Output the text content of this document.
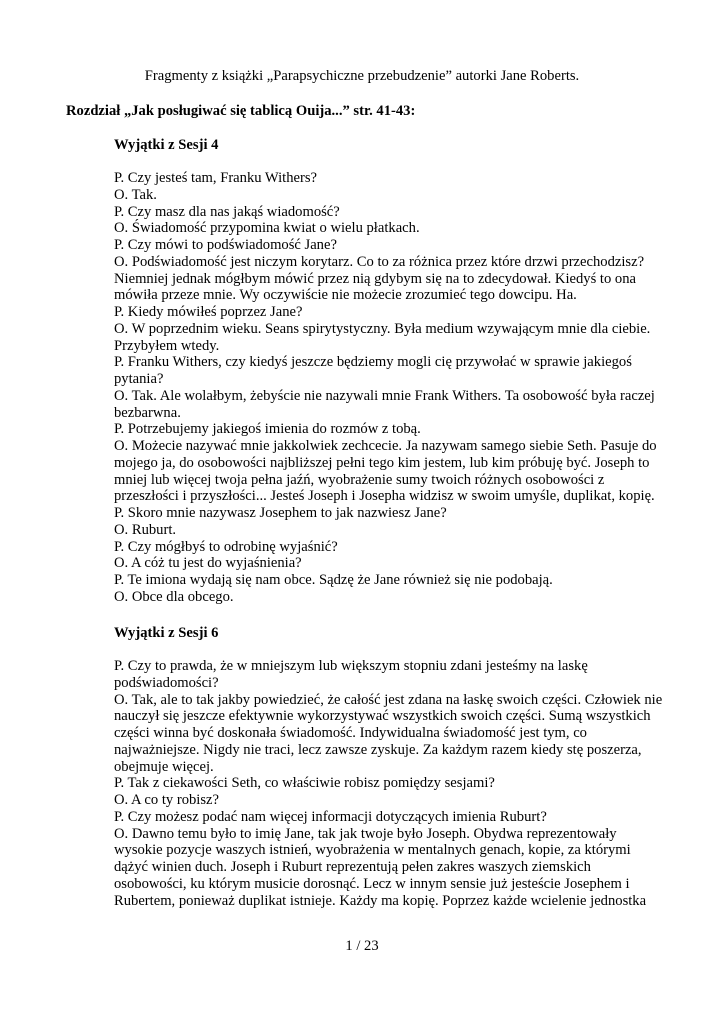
Fragmenty z książki „Parapsychiczne przebudzenie” autorki Jane Roberts.
Rozdział „Jak posługiwać się tablicą Ouija...” str. 41-43:

Wyjątki z Sesji 4

P. Czy jesteś tam, Franku Withers?

O. Tak.

P. Czy masz dla nas jakąś wiadomość?

O. Świadomość przypomina kwiat o wielu płatkach.

P. Czy mówi to podświadomość Jane?

O. Podświadomość jest niczym korytarz. Co to za różnica przez które drzwi przechodzisz? Niemniej jednak mógłbym mówić przez nią gdybym się na to zdecydował. Kiedyś to ona mówiła przeze mnie. Wy oczywiście nie możecie zrozumieć tego dowcipu. Ha.

P. Kiedy mówiłeś poprzez Jane?

O. W poprzednim wieku. Seans spirytystyczny. Była medium wzywającym mnie dla ciebie. Przybyłem wtedy.

P. Franku Withers, czy kiedyś jeszcze będziemy mogli cię przywołać w sprawie jakiegoś pytania?

O. Tak. Ale wolałbym, żebyście nie nazywali mnie Frank Withers. Ta osobowość była raczej bezbarwna.

P. Potrzebujemy jakiegoś imienia do rozmów z tobą.

O. Możecie nazywać mnie jakkolwiek zechcecie. Ja nazywam samego siebie Seth. Pasuje do mojego ja, do osobowości najbliższej pełni tego kim jestem, lub kim próbuję być. Joseph to mniej lub więcej twoja pełna jaźń, wyobrażenie sumy twoich różnych osobowości z przeszłości i przyszłości... Jesteś Joseph i Josepha widzisz w swoim umyśle, duplikat, kopię.

P. Skoro mnie nazywasz Josephem to jak nazwiesz Jane?

O. Ruburt.

P. Czy mógłbyś to odrobinę wyjaśnić?

O. A cóż tu jest do wyjaśnienia?

P. Te imiona wydają się nam obce. Sądzę że Jane również się nie podobają.

O. Obce dla obcego.

Wyjątki z Sesji 6

P. Czy to prawda, że w mniejszym lub większym stopniu zdani jesteśmy na laskę podświadomości?

O. Tak, ale to tak jakby powiedzieć, że całość jest zdana na łaskę swoich części. Człowiek nie nauczył się jeszcze efektywnie wykorzystywać wszystkich swoich części. Sumą wszystkich części winna być doskonała świadomość. Indywidualna świadomość jest tym, co najważniejsze. Nigdy nie traci, lecz zawsze zyskuje. Za każdym razem kiedy stę poszerza, obejmuje więcej.

P. Tak z ciekawości Seth, co właściwie robisz pomiędzy sesjami?

O. A co ty robisz?

P. Czy możesz podać nam więcej informacji dotyczących imienia Ruburt?

O. Dawno temu było to imię Jane, tak jak twoje było Joseph. Obydwa reprezentowały wysokie pozycje waszych istnień, wyobrażenia w mentalnych genach, kopie, za którymi dążyć winien duch. Joseph i Ruburt reprezentują pełen zakres waszych ziemskich osobowości, ku którym musicie dorosnąć. Lecz w innym sensie już jesteście Josephem i Rubertem, ponieważ duplikat istnieje. Każdy ma kopię. Poprzez każde wcielenie jednostka

1 / 23
